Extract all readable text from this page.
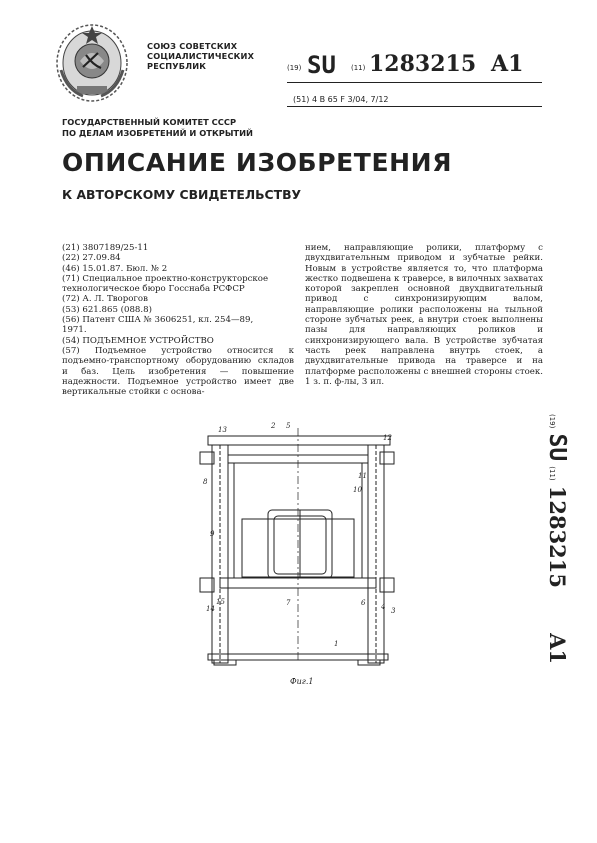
СОЮЗ СОВЕТСКИХ
СОЦИАЛИСТИЧЕСКИХ
РЕСПУБЛИК	(19) SU (11) 1283215 A1
(51) 4 B 65 F 3/04, 7/12
ГОСУДАРСТВЕННЫЙ КОМИТЕТ СССР
ПО ДЕЛАМ ИЗОБРЕТЕНИЙ И ОТКРЫТИЙ
ОПИСАНИЕ ИЗОБРЕТЕНИЯ
К АВТОРСКОМУ СВИДЕТЕЛЬСТВУ
(21) 3807189/25-11
(22) 27.09.84
(46) 15.01.87. Бюл. № 2
(71) Специальное проектно-конструкторское
технологическое бюро Госснаба РСФСР
(72) А. Л. Творогов
(53) 621.865 (088.8)
(56) Патент США № 3606251, кл. 254—89,
1971.
(54) ПОДЪЕМНОЕ УСТРОЙСТВО
(57) Подъемное устройство относится к подъемно-транспортному оборудованию складов и баз. Цель изобретения — повышение надежности. Подъемное устройство имеет две вертикальные стойки с основа-
нием, направляющие ролики, платформу с двухдвигательным приводом и зубчатые рейки. Новым в устройстве является то, что платформа жестко подвешена к траверсе, в вилочных захватах которой закреплен основной двухдвигательный привод с синхронизирующим валом, направляющие ролики расположены на тыльной стороне зубчатых реек, а внутри стоек выполнены пазы для направляющих роликов и синхронизирующего вала. В устройстве зубчатая часть реек направлена внутрь стоек, а двухдвигательные привода на траверсе и на платформе расположены с внешней стороны стоек. 1 з. п. ф-лы, 3 ил.
(19) SU (11) 1283215 A1
13	2 5
12
8
11
10
9
6 4 3
7
1
14
15
Фиг.1
